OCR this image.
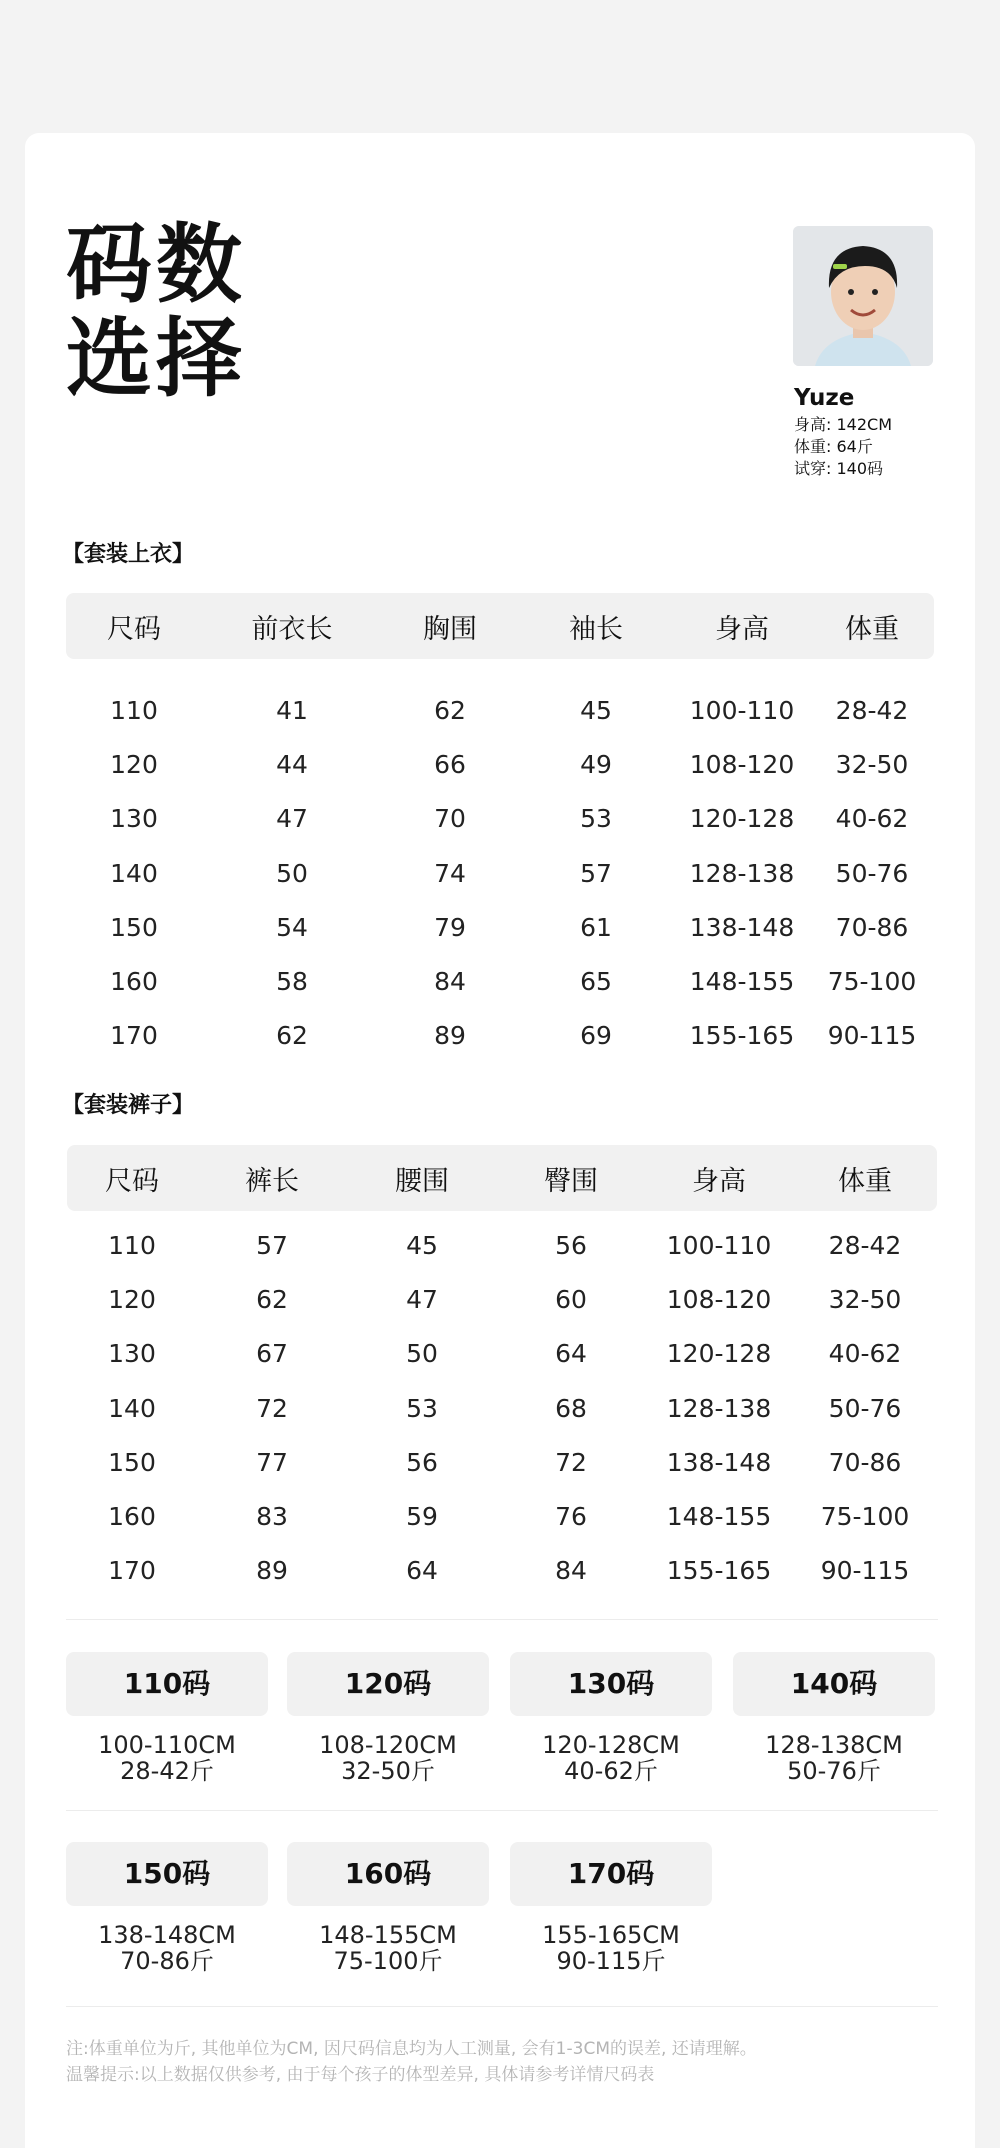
码数
选择	Yuze
身高: 142CM
体重: 64斤
试穿: 140码
【套装上衣】
尺码	前衣长	胸围	袖长	身高	体重
110	41	62	45	100-110	28-42
120	44	66	49	108-120	32-50
130	47	70	53	120-128	40-62
140	50	74	57	128-138	50-76
150	54	79	61	138-148	70-86
160	58	84	65	148-155	75-100
170	62	89	69	155-165	90-115
【套装裤子】
尺码	裤长	腰围	臀围	身高	体重
110	57	45	56	100-110	28-42
120	62	47	60	108-120	32-50
130	67	50	64	120-128	40-62
140	72	53	68	128-138	50-76
150	77	56	72	138-148	70-86
160	83	59	76	148-155	75-100
170	89	64	84	155-165	90-115
110码
100-110CM
28-42斤
120码
108-120CM
32-50斤
130码
120-128CM
40-62斤
140码
128-138CM
50-76斤
150码
138-148CM
70-86斤
160码
148-155CM
75-100斤
170码
155-165CM
90-115斤
注:体重单位为斤, 其他单位为CM, 因尺码信息均为人工测量, 会有1-3CM的误差, 还请理解。
温馨提示:以上数据仅供参考, 由于每个孩子的体型差异, 具体请参考详情尺码表
